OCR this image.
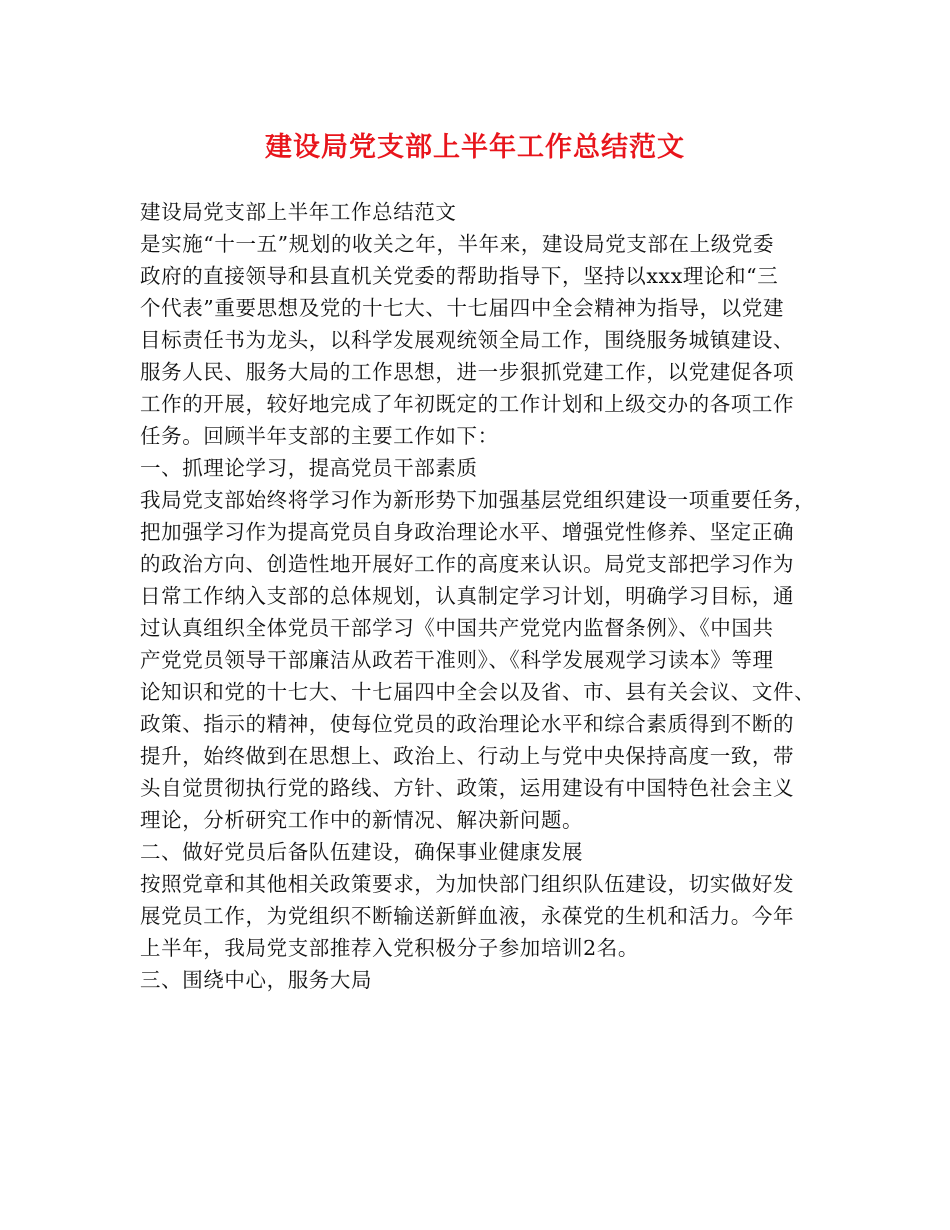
建设局党支部上半年工作总结范文
建设局党支部上半年工作总结范文
是实施“十一五”规划的收关之年，半年来，建设局党支部在上级党委
政府的直接领导和县直机关党委的帮助指导下，坚持以xxx理论和“三
个代表”重要思想及党的十七大、十七届四中全会精神为指导，以党建
目标责任书为龙头，以科学发展观统领全局工作，围绕服务城镇建设、
服务人民、服务大局的工作思想，进一步狠抓党建工作，以党建促各项
工作的开展，较好地完成了年初既定的工作计划和上级交办的各项工作
任务。回顾半年支部的主要工作如下：
一、抓理论学习，提高党员干部素质
我局党支部始终将学习作为新形势下加强基层党组织建设一项重要任务，
把加强学习作为提高党员自身政治理论水平、增强党性修养、坚定正确
的政治方向、创造性地开展好工作的高度来认识。局党支部把学习作为
日常工作纳入支部的总体规划，认真制定学习计划，明确学习目标，通
过认真组织全体党员干部学习《中国共产党党内监督条例》、《中国共
产党党员领导干部廉洁从政若干准则》、《科学发展观学习读本》等理
论知识和党的十七大、十七届四中全会以及省、市、县有关会议、文件、
政策、指示的精神，使每位党员的政治理论水平和综合素质得到不断的
提升，始终做到在思想上、政治上、行动上与党中央保持高度一致，带
头自觉贯彻执行党的路线、方针、政策，运用建设有中国特色社会主义
理论，分析研究工作中的新情况、解决新问题。
二、做好党员后备队伍建设，确保事业健康发展
按照党章和其他相关政策要求，为加快部门组织队伍建设，切实做好发
展党员工作，为党组织不断输送新鲜血液，永葆党的生机和活力。今年
上半年，我局党支部推荐入党积极分子参加培训2名。
三、围绕中心，服务大局
